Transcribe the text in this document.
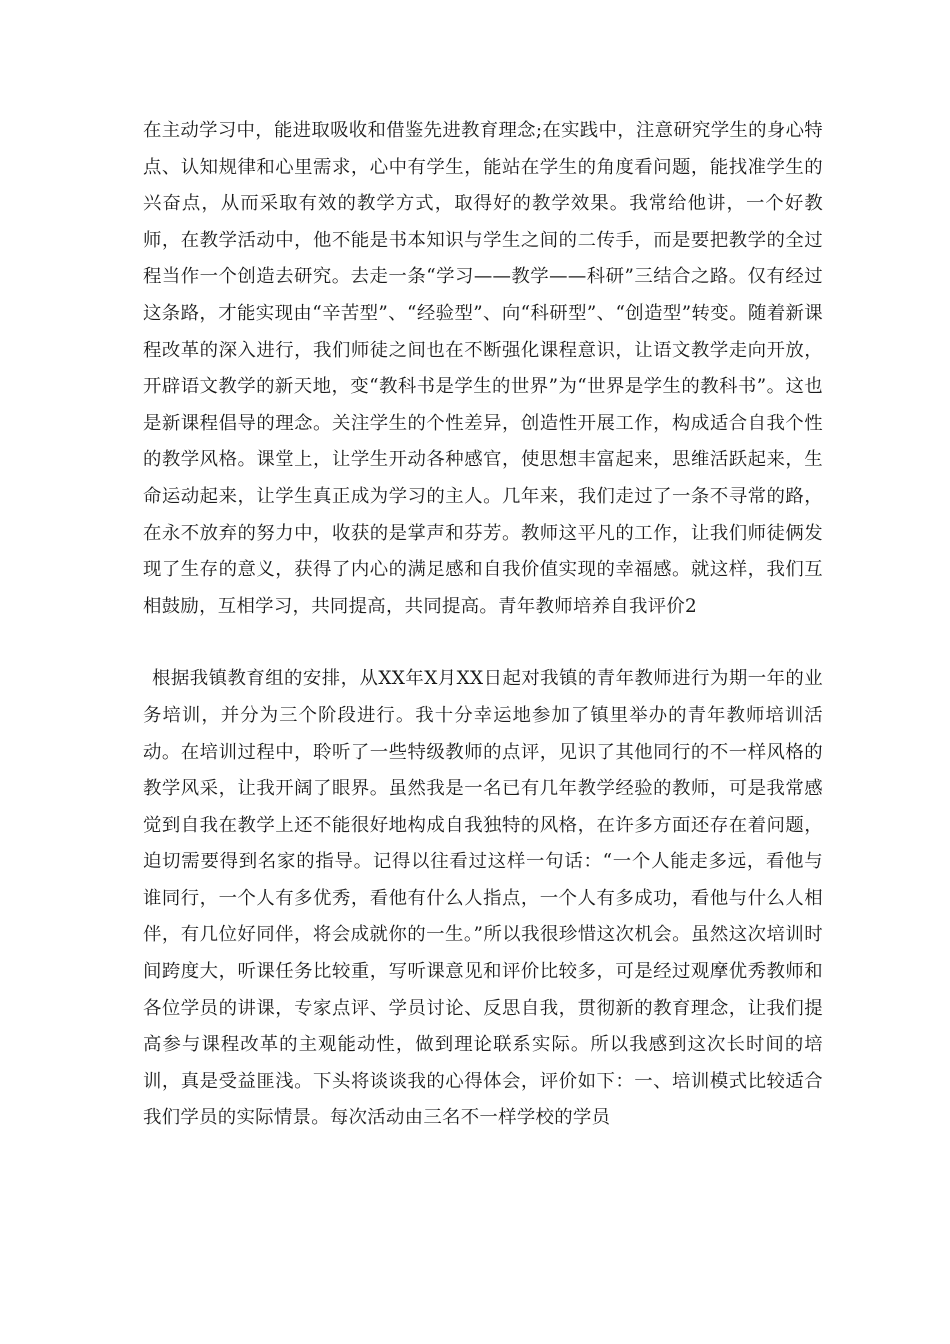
在主动学习中，能进取吸收和借鉴先进教育理念;在实践中，注意研究学生的身心特点、认知规律和心里需求，心中有学生，能站在学生的角度看问题，能找准学生的兴奋点，从而采取有效的教学方式，取得好的教学效果。我常给他讲，一个好教师，在教学活动中，他不能是书本知识与学生之间的二传手，而是要把教学的全过程当作一个创造去研究。去走一条“学习——教学——科研”三结合之路。仅有经过这条路，才能实现由“辛苦型”、“经验型”、向“科研型”、“创造型”转变。随着新课程改革的深入进行，我们师徒之间也在不断强化课程意识，让语文教学走向开放，开辟语文教学的新天地，变“教科书是学生的世界”为“世界是学生的教科书”。这也是新课程倡导的理念。关注学生的个性差异，创造性开展工作，构成适合自我个性的教学风格。课堂上，让学生开动各种感官，使思想丰富起来，思维活跃起来，生命运动起来，让学生真正成为学习的主人。几年来，我们走过了一条不寻常的路，在永不放弃的努力中，收获的是掌声和芬芳。教师这平凡的工作，让我们师徒俩发现了生存的意义，获得了内心的满足感和自我价值实现的幸福感。就这样，我们互相鼓励，互相学习，共同提高，共同提高。青年教师培养自我评价2

根据我镇教育组的安排，从XX年X月XX日起对我镇的青年教师进行为期一年的业务培训，并分为三个阶段进行。我十分幸运地参加了镇里举办的青年教师培训活动。在培训过程中，聆听了一些特级教师的点评，见识了其他同行的不一样风格的教学风采，让我开阔了眼界。虽然我是一名已有几年教学经验的教师，可是我常感觉到自我在教学上还不能很好地构成自我独特的风格，在许多方面还存在着问题，迫切需要得到名家的指导。记得以往看过这样一句话：“一个人能走多远，看他与谁同行，一个人有多优秀，看他有什么人指点，一个人有多成功，看他与什么人相伴，有几位好同伴，将会成就你的一生。”所以我很珍惜这次机会。虽然这次培训时间跨度大，听课任务比较重，写听课意见和评价比较多，可是经过观摩优秀教师和各位学员的讲课，专家点评、学员讨论、反思自我，贯彻新的教育理念，让我们提高参与课程改革的主观能动性，做到理论联系实际。所以我感到这次长时间的培训，真是受益匪浅。下头将谈谈我的心得体会，评价如下：一、培训模式比较适合我们学员的实际情景。每次活动由三名不一样学校的学员
